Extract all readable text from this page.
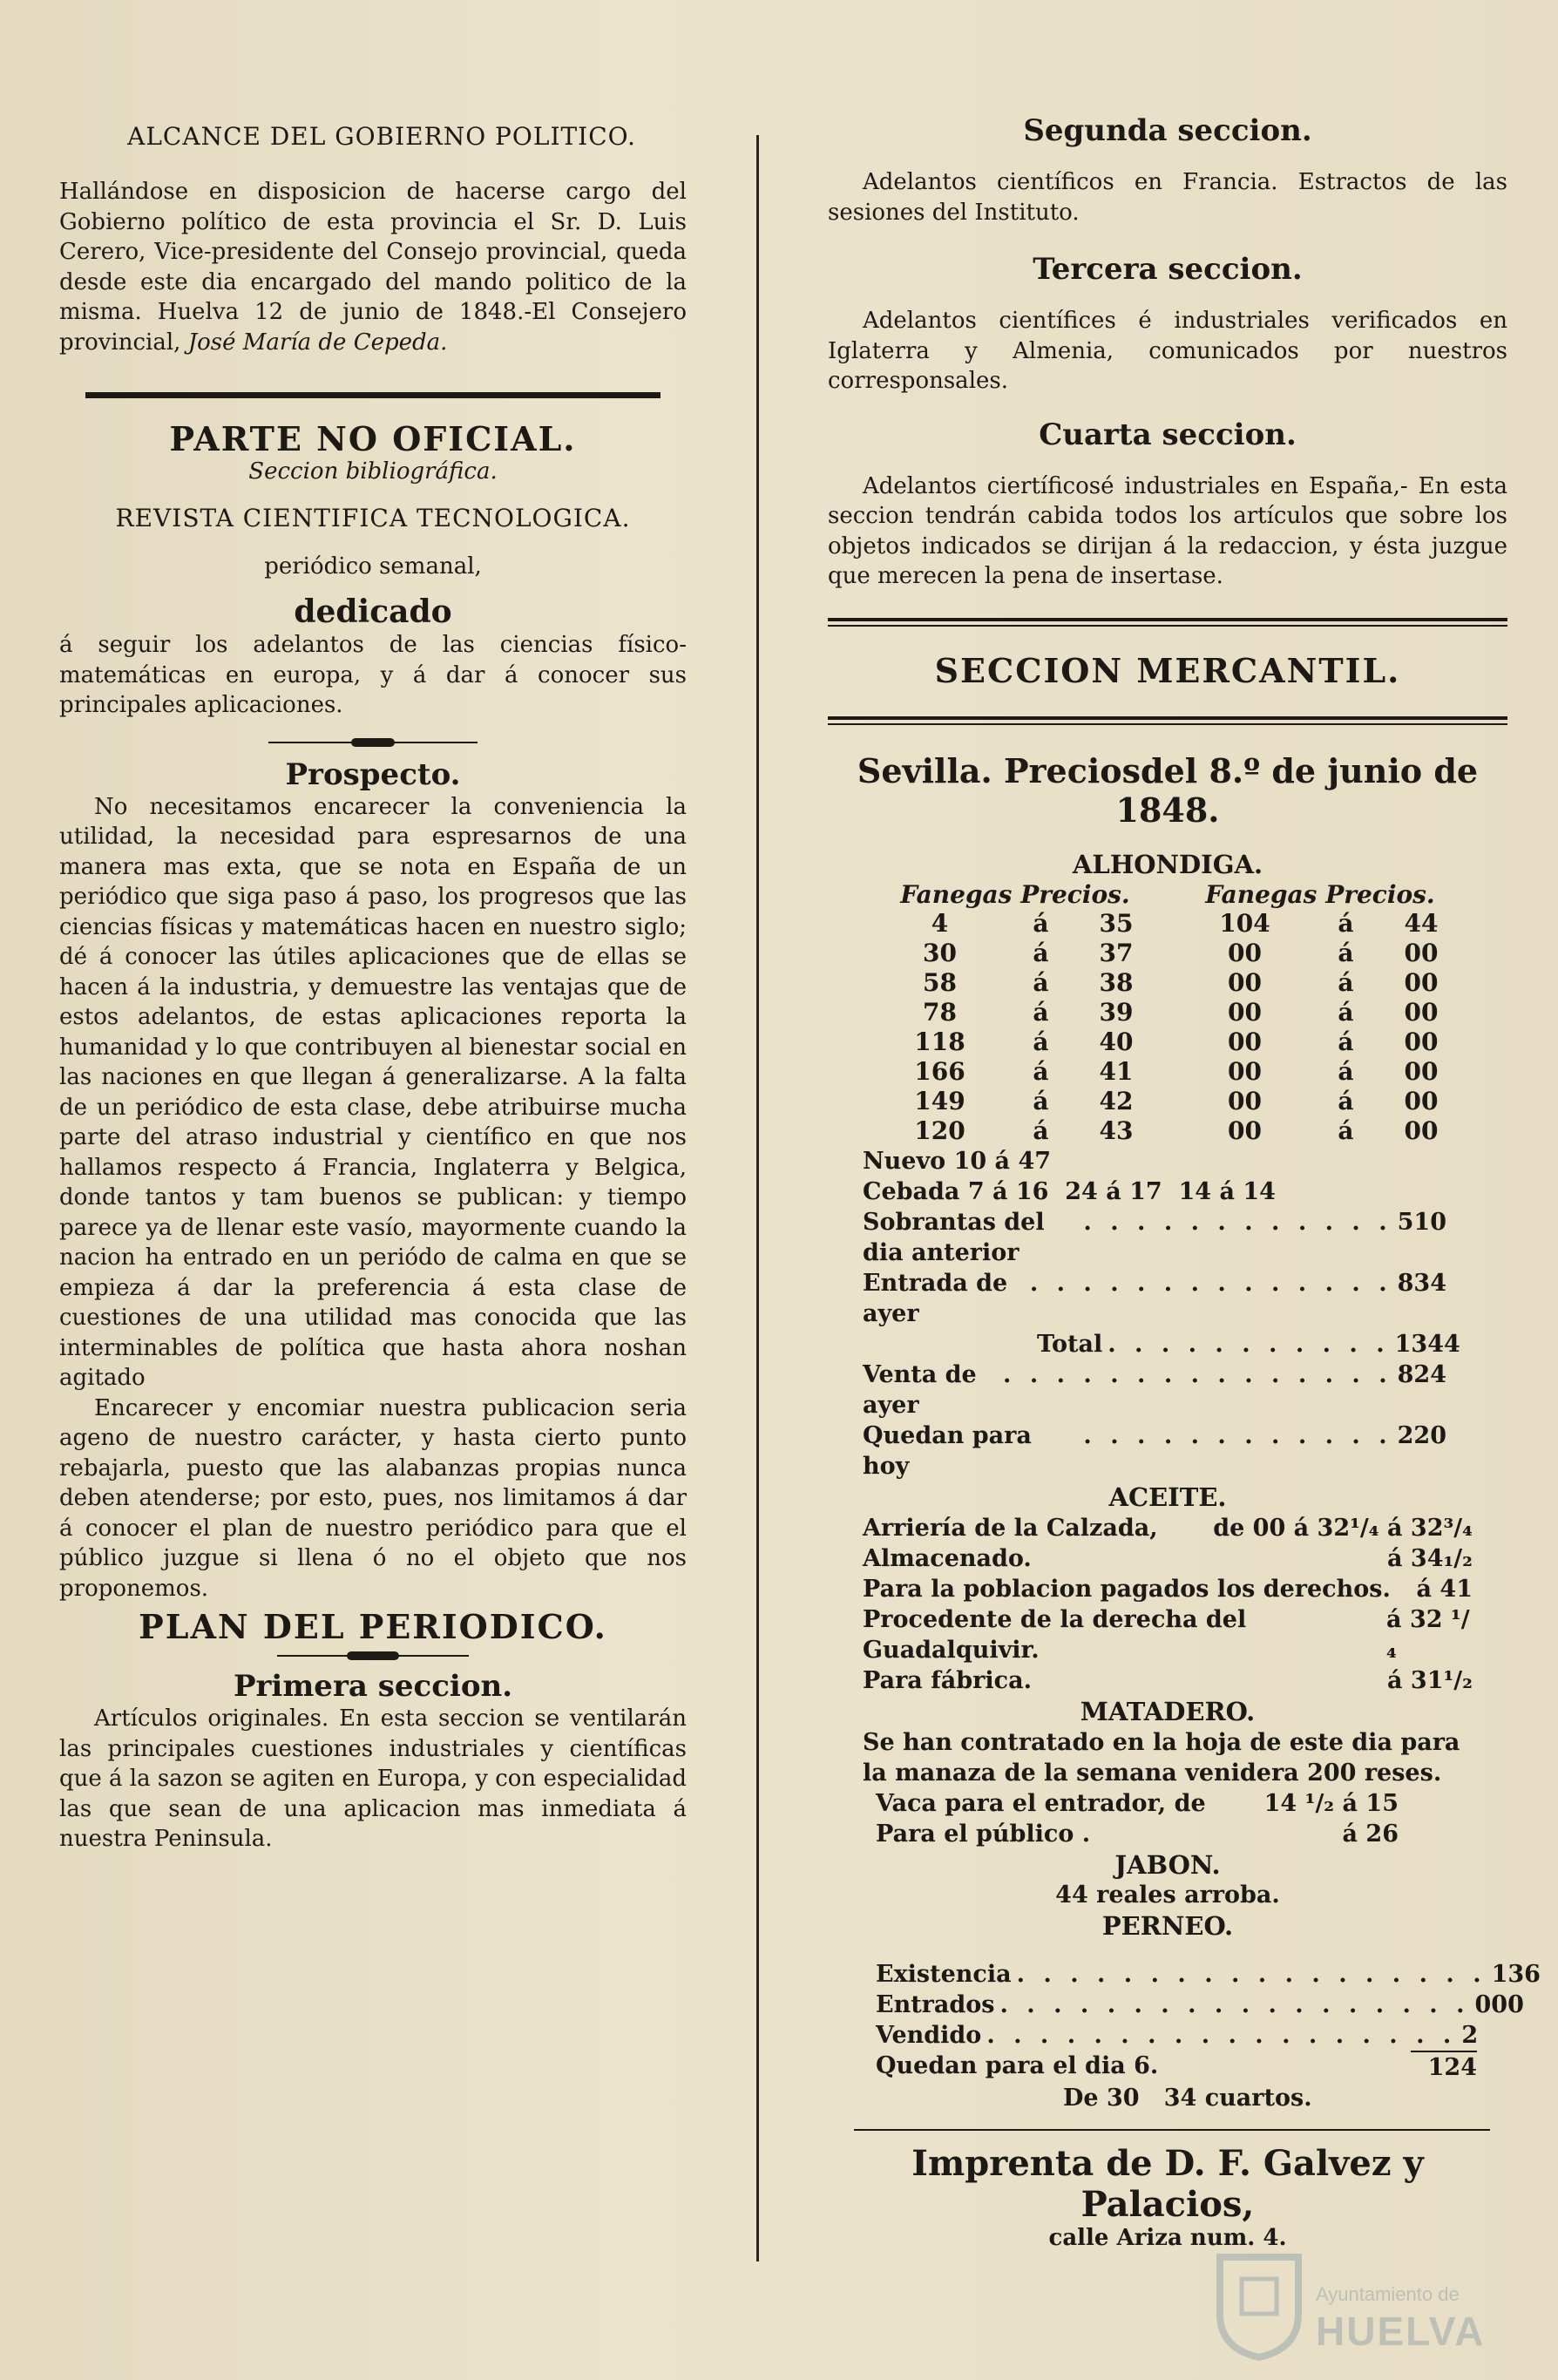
ALCANCE DEL GOBIERNO POLITICO.

Hallándose en disposicion de hacerse cargo del Gobierno político de esta provincia el Sr. D. Luis Cerero, Vice-presidente del Consejo provincial, queda desde este dia encargado del mando politico de la misma. Huelva 12 de junio de 1848.-El Consejero provincial, José María de Cepeda.

PARTE NO OFICIAL.
Seccion bibliográfica.
REVISTA CIENTIFICA TECNOLOGICA.
periódico semanal,
dedicado

á seguir los adelantos de las ciencias físico-matemáticas en europa, y á dar á conocer sus principales aplicaciones.

Prospecto.

No necesitamos encarecer la conveniencia la utilidad, la necesidad para espresarnos de una manera mas exta, que se nota en España de un periódico que siga paso á paso, los progresos que las ciencias físicas y matemáticas hacen en nuestro siglo; dé á conocer las útiles aplicaciones que de ellas se hacen á la industria, y demuestre las ventajas que de estos adelantos, de estas aplicaciones reporta la humanidad y lo que contribuyen al bienestar social en las naciones en que llegan á generalizarse. A la falta de un periódico de esta clase, debe atribuirse mucha parte del atraso industrial y científico en que nos hallamos respecto á Francia, Inglaterra y Belgica, donde tantos y tam buenos se publican: y tiempo parece ya de llenar este vasío, mayormente cuando la nacion ha entrado en un periódo de calma en que se empieza á dar la preferencia á esta clase de cuestiones de una utilidad mas conocida que las interminables de política que hasta ahora noshan agitado

Encarecer y encomiar nuestra publicacion seria ageno de nuestro carácter, y hasta cierto punto rebajarla, puesto que las alabanzas propias nunca deben atenderse; por esto, pues, nos limitamos á dar á conocer el plan de nuestro periódico para que el público juzgue si llena ó no el objeto que nos proponemos.

PLAN DEL PERIODICO.
Primera seccion.

Artículos originales. En esta seccion se ventilarán las principales cuestiones industriales y científicas que á la sazon se agiten en Europa, y con especialidad las que sean de una aplicacion mas inmediata á nuestra Peninsula.

Segunda seccion.

Adelantos científicos en Francia. Estractos de las sesiones del Instituto.

Tercera seccion.

Adelantos científices é industriales verificados en Iglaterra y Almenia, comunicados por nuestros corresponsales.

Cuarta seccion.

Adelantos ciertíficosé industriales en España,- En esta seccion tendrán cabida todos los artículos que sobre los objetos indicados se dirijan á la redaccion, y ésta juzgue que merecen la pena de insertase.

SECCION MERCANTIL.
Sevilla. Preciosdel 8.º de junio de 1848.
ALHONDIGA.
Fanegas Precios.			Fanegas Precios.		
4	á	35	104	á	44
30	á	37	00	á	00
58	á	38	00	á	00
78	á	39	00	á	00
118	á	40	00	á	00
166	á	41	00	á	00
149	á	42	00	á	00
120	á	43	00	á	00
Nuevo 10 á 47
Cebada 7 á 16  24 á 17  14 á 14
Sobrantas del dia anterior
. . . . . . . . . . . . 510
Entrada de ayer
. . . . . . . . . . . . . . 834
Total . . . . . . . . . . . 1344
Venta de ayer
. . . . . . . . . . . . . . . 824
Quedan para hoy
. . . . . . . . . . . . 220
ACEITE.
Arriería de la Calzada, de 00 á 32¹/₄ á 32³/₄
Almacenado.	á 34₁/₂
Para la poblacion pagados los derechos. á 41
Procedente de la derecha del Guadalquivir.
á 32 ¹/₄
Para fábrica.	á 31¹/₂
MATADERO.

Se han contratado en la hoja de este dia para la manaza de la semana venidera 200 reses.

Vaca para el entrador, de 14 ¹/₂ á 15
Para el público .	á 26
JABON.
44 reales arroba.
PERNEO.
Existencia . . . . . . . . . . . . . . . . . . 136
Entrados . . . . . . . . . . . . . . . . . . 000
Vendido . . . . . . . . . . . . . . . . . . 2
Quedan para el dia 6.	124
De 30   34 cuartos.
Imprenta de D. F. Galvez y Palacios,
calle Ariza num. 4.
Ayuntamiento de
HUELVA
